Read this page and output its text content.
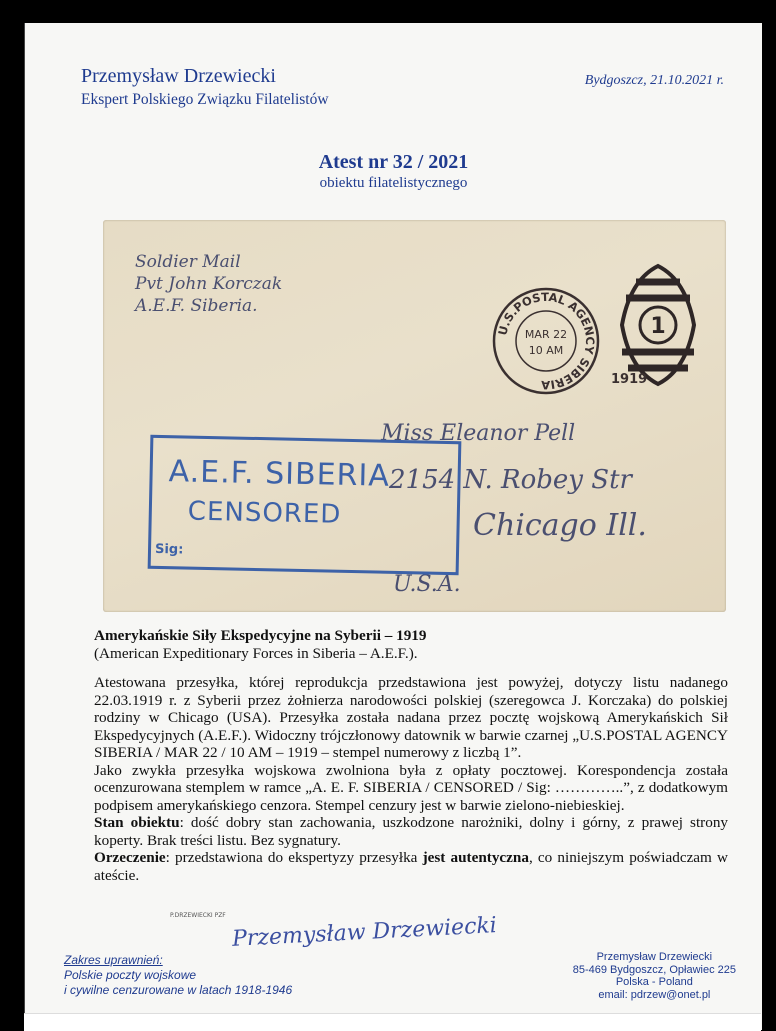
Przemysław Drzewiecki
Ekspert Polskiego Związku Filatelistów
Bydgoszcz, 21.10.2021 r.
Atest nr 32 / 2021
obiektu filatelistycznego
Soldier Mail
Pvt John Korczak
A.E.F. Siberia.
1
U.S.POSTAL AGENCY SIBERIA
MAR 22
10 AM
1919
Miss Eleanor Pell
2154 N. Robey Str
Chicago Ill.
U.S.A.
A.E.F. SIBERIA
CENSORED
Sig:

Amerykańskie Siły Ekspedycyjne na Syberii – 1919

(American Expeditionary Forces in Siberia – A.E.F.).

Atestowana przesyłka, której reprodukcja przedstawiona jest powyżej, dotyczy listu nadanego 22.03.1919 r. z Syberii przez żołnierza narodowości polskiej (szeregowca J. Korczaka) do polskiej rodziny w Chicago (USA). Przesyłka została nadana przez pocztę wojskową Amerykańskich Sił Ekspedycyjnych (A.E.F.). Widoczny trójczłonowy datownik w barwie czarnej „U.S.POSTAL AGENCY SIBERIA / MAR 22 / 10 AM – 1919 – stempel numerowy z liczbą 1”.

Jako zwykła przesyłka wojskowa zwolniona była z opłaty pocztowej. Korespondencja została ocenzurowana stemplem w ramce „A. E. F. SIBERIA / CENSORED / Sig: …………..”, z dodatkowym podpisem amerykańskiego cenzora. Stempel cenzury jest w barwie zielono-niebieskiej.

Stan obiektu: dość dobry stan zachowania, uszkodzone narożniki, dolny i górny, z prawej strony koperty. Brak treści listu. Bez sygnatury.

Orzeczenie: przedstawiona do ekspertyzy przesyłka jest autentyczna, co niniejszym poświadczam w ateście.

P.DRZEWIECKI PZF Przemysław Drzewiecki
Zakres uprawnień:
Polskie poczty wojskowe
i cywilne cenzurowane w latach 1918-1946
Przemysław Drzewiecki
85-469 Bydgoszcz, Opławiec 225
Polska - Poland
email: pdrzew@onet.pl
